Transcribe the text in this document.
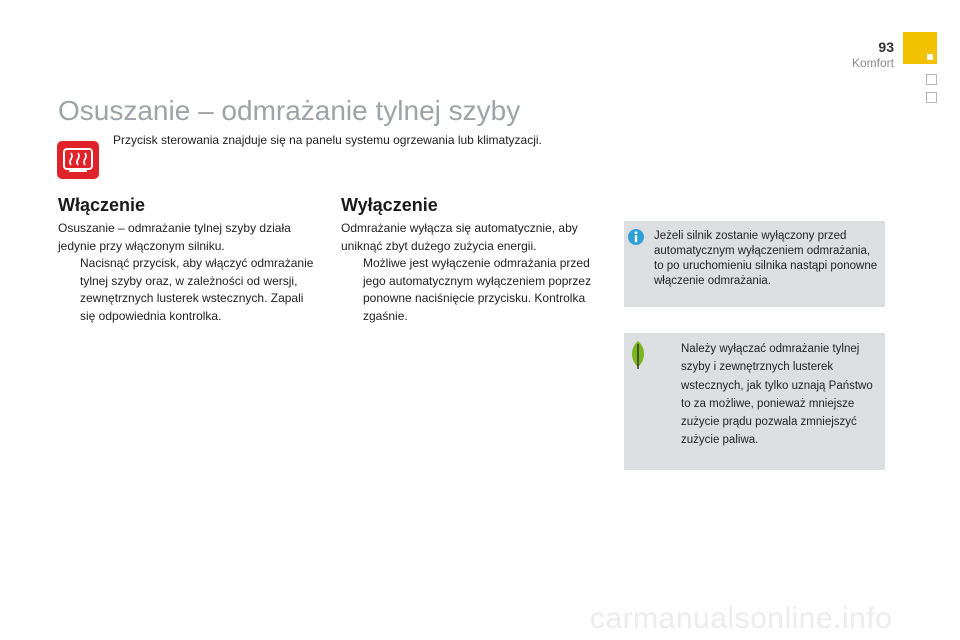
93
Komfort
Osuszanie – odmrażanie tylnej szyby
Przycisk sterowania znajduje się na panelu systemu ogrzewania lub klimatyzacji.
Włączenie
Osuszanie – odmrażanie tylnej szyby działa jedynie przy włączonym silniku.
Nacisnąć przycisk, aby włączyć odmrażanie tylnej szyby oraz, w zależności od wersji, zewnętrznych lusterek wstecznych. Zapali się odpowiednia kontrolka.
Wyłączenie
Odmrażanie wyłącza się automatycznie, aby uniknąć zbyt dużego zużycia energii.
Możliwe jest wyłączenie odmrażania przed jego automatycznym wyłączeniem poprzez ponowne naciśnięcie przycisku. Kontrolka zgaśnie.
Jeżeli silnik zostanie wyłączony przed automatycznym wyłączeniem odmrażania, to po uruchomieniu silnika nastąpi ponowne włączenie odmrażania.
Należy wyłączać odmrażanie tylnej szyby i zewnętrznych lusterek wstecznych, jak tylko uznają Państwo to za możliwe, ponieważ mniejsze zużycie prądu pozwala zmniejszyć zużycie paliwa.
carmanualsonline.info
